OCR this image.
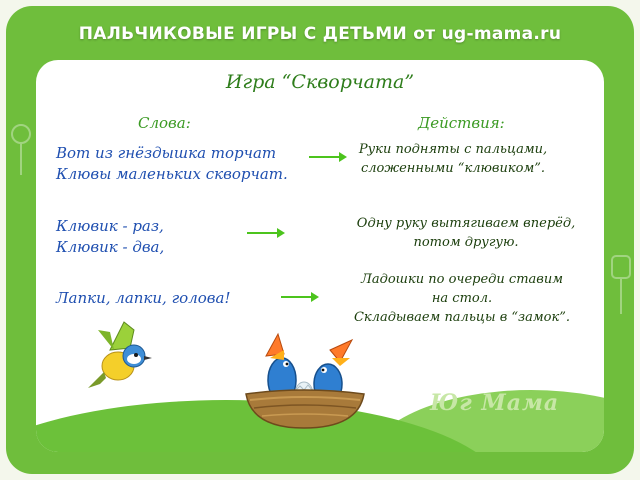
ПАЛЬЧИКОВЫЕ ИГРЫ С ДЕТЬМИ от ug-mama.ru
Игра “Скворчата”
Слова:	Действия:
Вот из гнёздышка торчат
Клювы маленьких скворчат.
Руки подняты с пальцами,
сложенными “клювиком”.
Клювик - раз,
Клювик - два,
Одну руку вытягиваем вперёд,
потом другую.
Лапки, лапки, голова!
Ладошки по очереди ставим
на стол.
Складываем пальцы в “замок”.
Юг Мама
